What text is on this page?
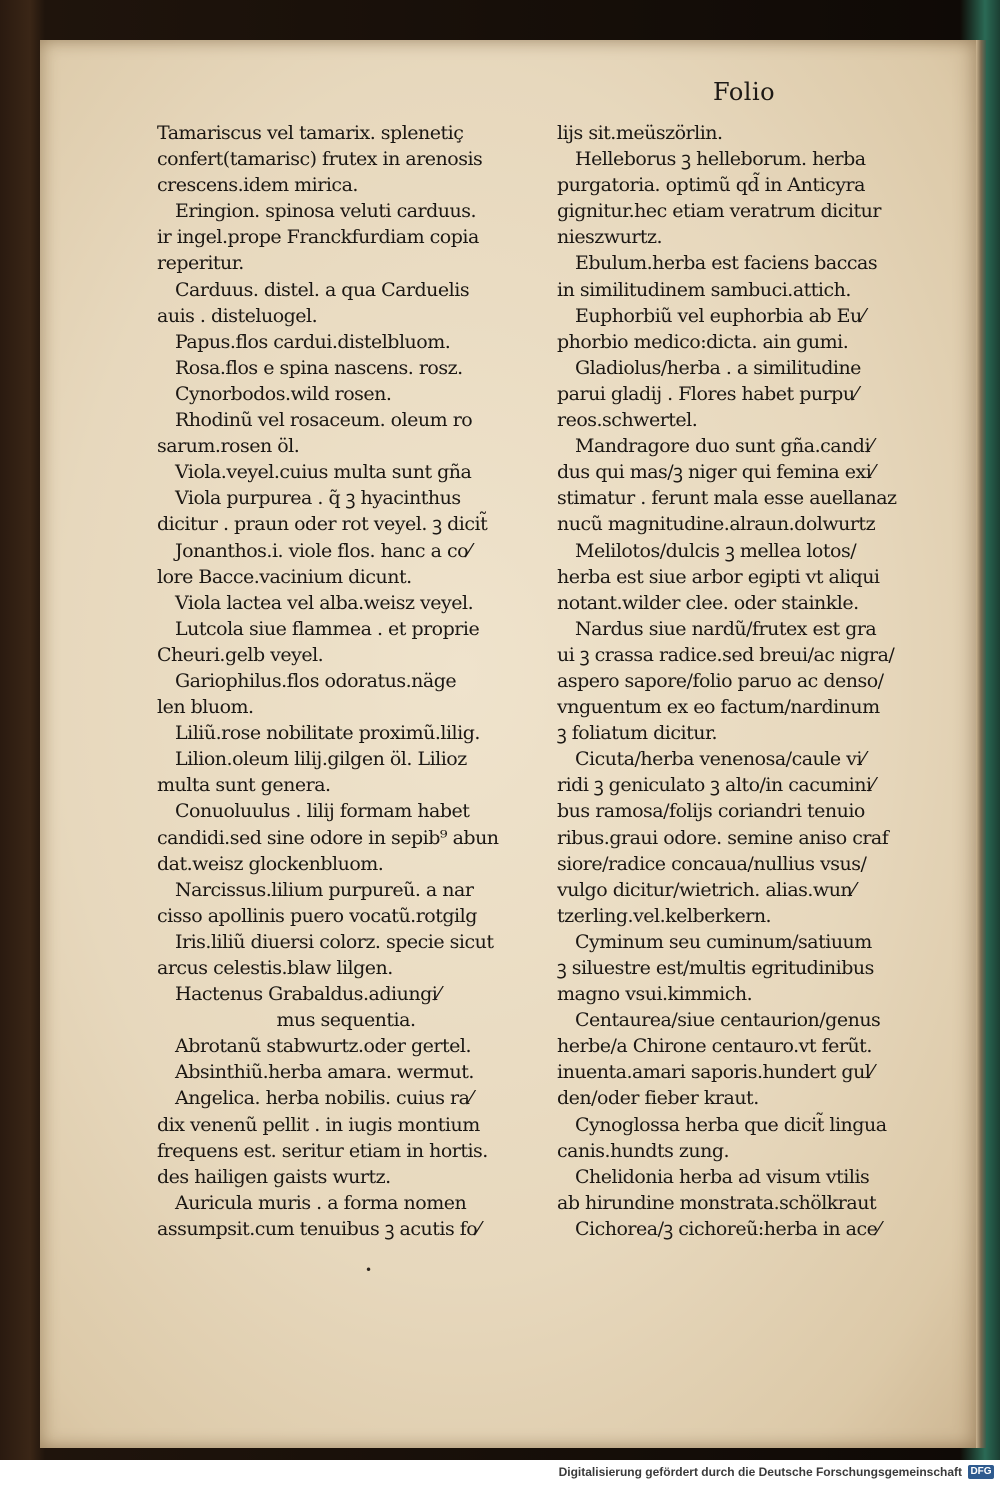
Folio
Tamariscus vel tamarix. splenetiç
confert(tamarisc) frutex in arenosis
crescens.idem mirica.
Eringion. spinosa veluti carduus.
ir ingel.prope Franckfurdiam copia
reperitur.
Carduus. distel. a qua Carduelis
auis . disteluogel.
Papus.flos cardui.distelbluom.
Rosa.flos e spina nascens. rosz.
Cynorbodos.wild rosen.
Rhodinũ vel rosaceum. oleum ro
sarum.rosen öl.
Viola.veyel.cuius multa sunt gña
Viola purpurea . q̃ ꝫ hyacinthus
dicitur . praun oder rot veyel. ꝫ dicit̃
Jonanthos.i. viole flos. hanc a co⁄
lore Bacce.vacinium dicunt.
Viola lactea vel alba.weisz veyel.
Lutcola siue flammea . et proprie
Cheuri.gelb veyel.
Gariophilus.flos odoratus.näge
len bluom.
Liliũ.rose nobilitate proximũ.lilig.
Lilion.oleum lilij.gilgen öl. Lilioz
multa sunt genera.
Conuoluulus . lilij formam habet
candidi.sed sine odore in sepib⁹ abun
dat.weisz glockenbluom.
Narcissus.lilium purpureũ. a nar
cisso apollinis puero vocatũ.rotgilg
Iris.liliũ diuersi colorz. specie sicut
arcus celestis.blaw lilgen.
Hactenus Grabaldus.adiungi⁄
mus sequentia.
Abrotanũ stabwurtz.oder gertel.
Absinthiũ.herba amara. wermut.
Angelica. herba nobilis. cuius ra⁄
dix venenũ pellit . in iugis montium
frequens est. seritur etiam in hortis.
des hailigen gaists wurtz.
Auricula muris . a forma nomen
assumpsit.cum tenuibus ꝫ acutis fo⁄
lijs sit.meüszörlin.
Helleborus ꝫ helleborum. herba
purgatoria. optimũ qd̃ in Anticyra
gignitur.hec etiam veratrum dicitur
nieszwurtz.
Ebulum.herba est faciens baccas
in similitudinem sambuci.attich.
Euphorbiũ vel euphorbia ab Eu⁄
phorbio medico:dicta. ain gumi.
Gladiolus/herba . a similitudine
parui gladij . Flores habet purpu⁄
reos.schwertel.
Mandragore duo sunt gña.candi⁄
dus qui mas/ꝫ niger qui femina exi⁄
stimatur . ferunt mala esse auellanaz
nucũ magnitudine.alraun.dolwurtz
Melilotos/dulcis ꝫ mellea lotos/
herba est siue arbor egipti vt aliqui
notant.wilder clee. oder stainkle.
Nardus siue nardũ/frutex est gra
ui ꝫ crassa radice.sed breui/ac nigra/
aspero sapore/folio paruo ac denso/
vnguentum ex eo factum/nardinum
ꝫ foliatum dicitur.
Cicuta/herba venenosa/caule vi⁄
ridi ꝫ geniculato ꝫ alto/in cacumini⁄
bus ramosa/folijs coriandri tenuio
ribus.graui odore. semine aniso craf
siore/radice concaua/nullius vsus/
vulgo dicitur/wietrich. alias.wun⁄
tzerling.vel.kelberkern.
Cyminum seu cuminum/satiuum
ꝫ siluestre est/multis egritudinibus
magno vsui.kimmich.
Centaurea/siue centaurion/genus
herbe/a Chirone centauro.vt ferũt.
inuenta.amari saporis.hundert gul⁄
den/oder fieber kraut.
Cynoglossa herba que dicit̃ lingua
canis.hundts zung.
Chelidonia herba ad visum vtilis
ab hirundine monstrata.schölkraut
Cichorea/ꝫ cichoreũ:herba in ace⁄
•
Digitalisierung gefördert durch die Deutsche Forschungsgemeinschaft DFG
